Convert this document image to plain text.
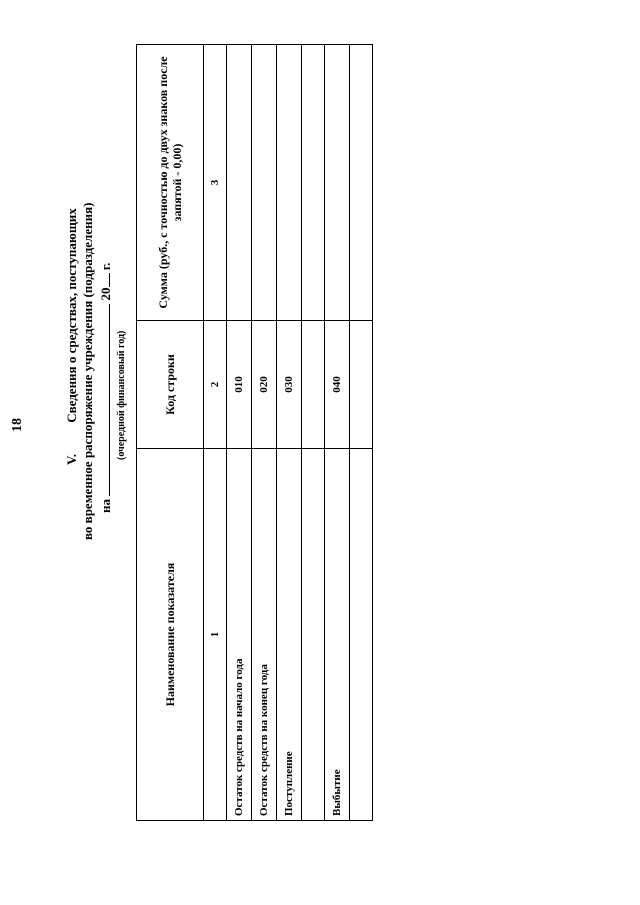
18
V. Сведения о средствах, поступающих во временное распоряжение учреждения (подразделения) на  20 г.
(очередной финансовый год)
Наименование показателя	Код строки	Сумма (руб., с точностью до двух знаков после запятой - 0,00)
1	2	3
Остаток средств на начало года	010	
Остаток средств на конец года	020	
Поступление	030	

Выбытие	040	
